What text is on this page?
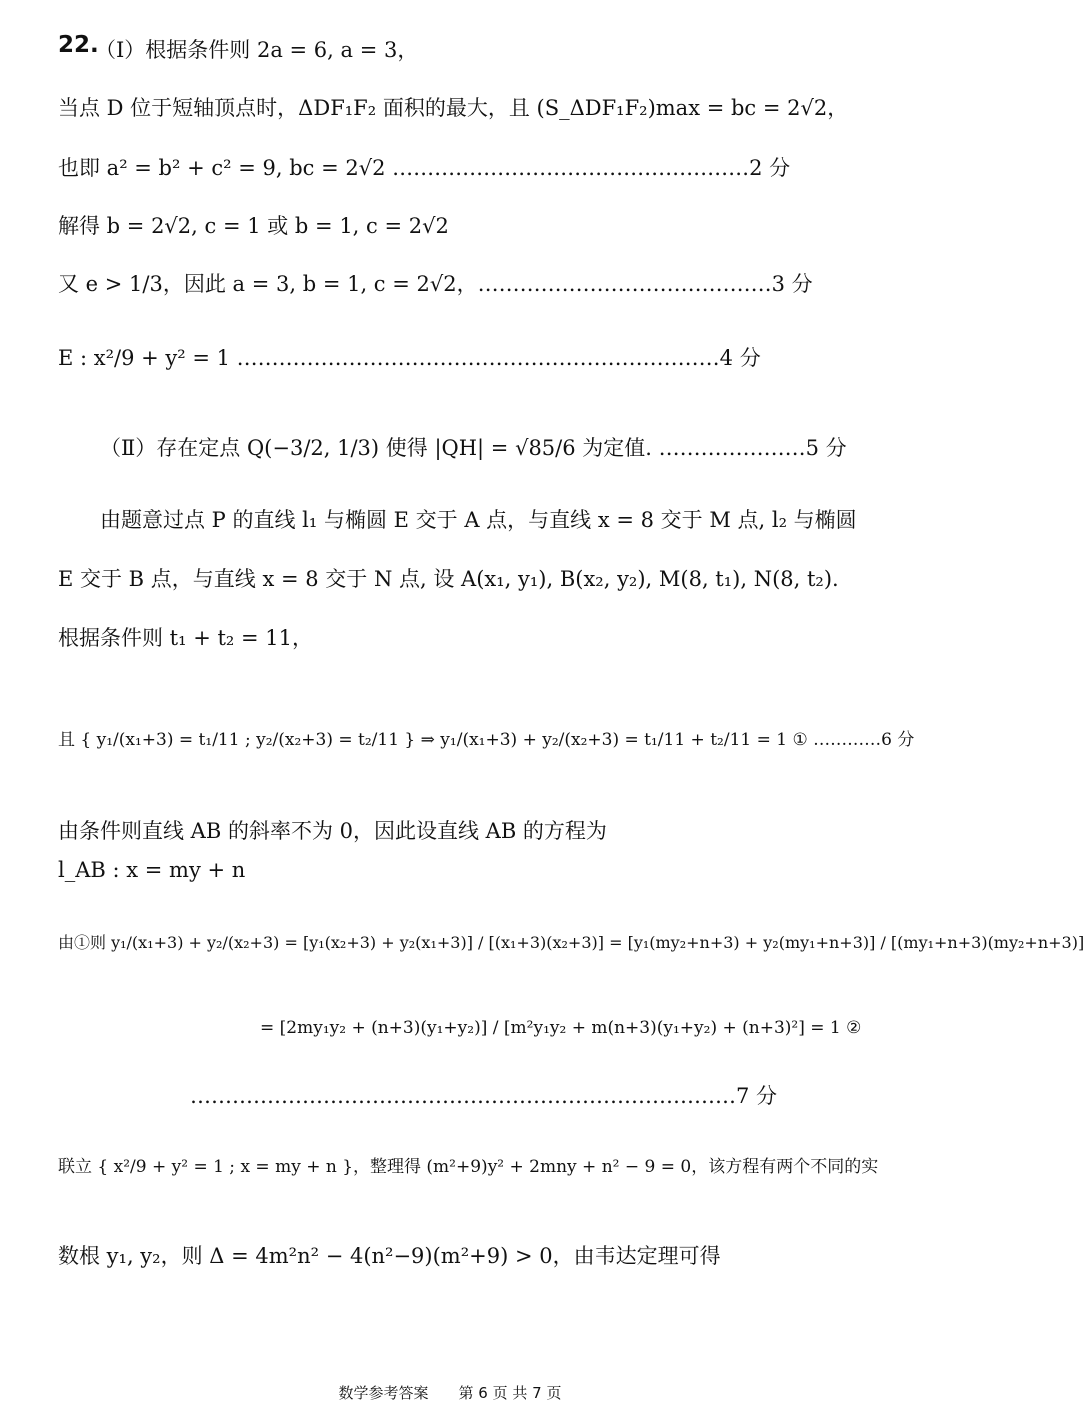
22.
（Ⅰ）根据条件则 2a = 6, a = 3，
当点 D 位于短轴顶点时，ΔDF₁F₂ 面积的最大，且 (S_ΔDF₁F₂)max = bc = 2√2，
也即 a² = b² + c² = 9, bc = 2√2 ……………………………………………2 分
解得 b = 2√2, c = 1 或 b = 1, c = 2√2
又 e > 1/3，因此 a = 3, b = 1, c = 2√2，……………………………………3 分
E : x²/9 + y² = 1 ……………………………………………………………4 分
（Ⅱ）存在定点 Q(−3/2, 1/3) 使得 |QH| = √85/6 为定值. …………………5 分
由题意过点 P 的直线 l₁ 与椭圆 E 交于 A 点，与直线 x = 8 交于 M 点, l₂ 与椭圆
E 交于 B 点，与直线 x = 8 交于 N 点, 设 A(x₁, y₁), B(x₂, y₂), M(8, t₁), N(8, t₂).
根据条件则 t₁ + t₂ = 11，
且 { y₁/(x₁+3) = t₁/11 ; y₂/(x₂+3) = t₂/11 } ⇒ y₁/(x₁+3) + y₂/(x₂+3) = t₁/11 + t₂/11 = 1 ① …………6 分
由条件则直线 AB 的斜率不为 0，因此设直线 AB 的方程为
l_AB : x = my + n
由①则 y₁/(x₁+3) + y₂/(x₂+3) = [y₁(x₂+3) + y₂(x₁+3)] / [(x₁+3)(x₂+3)] = [y₁(my₂+n+3) + y₂(my₁+n+3)] / [(my₁+n+3)(my₂+n+3)]
= [2my₁y₂ + (n+3)(y₁+y₂)] / [m²y₁y₂ + m(n+3)(y₁+y₂) + (n+3)²] = 1 ②
……………………………………………………………………7 分
联立 { x²/9 + y² = 1 ; x = my + n }，整理得 (m²+9)y² + 2mny + n² − 9 = 0，该方程有两个不同的实
数根 y₁, y₂，则 Δ = 4m²n² − 4(n²−9)(m²+9) > 0，由韦达定理可得
数学参考答案　　第 6 页 共 7 页
